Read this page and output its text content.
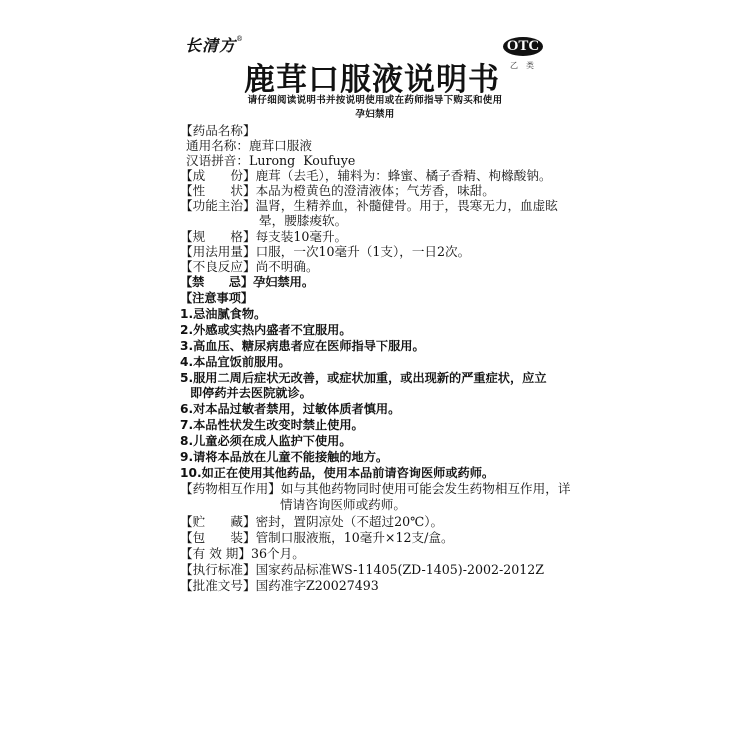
长清方®	OTC
乙类
鹿茸口服液说明书
请仔细阅读说明书并按说明使用或在药师指导下购买和使用
孕妇禁用
【药品名称】
通用名称：鹿茸口服液
汉语拼音：Lurong  Koufuye
【成　　份】鹿茸（去毛），辅料为：蜂蜜、橘子香精、枸橼酸钠。
【性　　状】本品为橙黄色的澄清液体；气芳香，味甜。
【功能主治】温肾，生精养血，补髓健骨。用于，畏寒无力，血虚眩
晕，腰膝痠软。
【规　　格】每支装10毫升。
【用法用量】口服，一次10毫升（1支），一日2次。
【不良反应】尚不明确。
【禁　　忌】孕妇禁用。
【注意事项】
1.忌油腻食物。
2.外感或实热内盛者不宜服用。
3.高血压、糖尿病患者应在医师指导下服用。
4.本品宜饭前服用。
5.服用二周后症状无改善，或症状加重，或出现新的严重症状，应立
即停药并去医院就诊。
6.对本品过敏者禁用，过敏体质者慎用。
7.本品性状发生改变时禁止使用。
8.儿童必须在成人监护下使用。
9.请将本品放在儿童不能接触的地方。
10.如正在使用其他药品，使用本品前请咨询医师或药师。
【药物相互作用】如与其他药物同时使用可能会发生药物相互作用，详
情请咨询医师或药师。
【贮　　藏】密封，置阴凉处（不超过20℃）。
【包　　装】管制口服液瓶，10毫升×12支/盒。
【有 效 期】36个月。
【执行标准】国家药品标准WS-11405(ZD-1405)-2002-2012Z
【批准文号】国药准字Z20027493
